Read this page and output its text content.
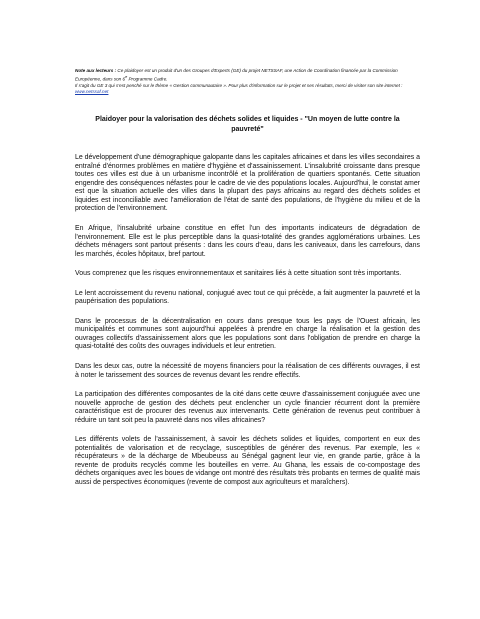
Note aux lecteurs : Ce plaidoyer est un produit d'un des Groupes d'Experts (GE) du projet NETSSAF, une Action de Coordination financée par la Commission Européenne, dans son 6e Programme Cadre.
Il s'agit du GE 3 qui s'est penché sur le thème « Gestion communautaire ». Pour plus d'information sur le projet et ses résultats, merci de visiter son site internet : www.netssaf.net
Plaidoyer pour la valorisation des déchets solides et liquides - "Un moyen de lutte contre la pauvreté"

Le développement d'une démographique galopante dans les capitales africaines et dans les villes secondaires a entraîné d'énormes problèmes en matière d'hygiène et d'assainissement. L'insalubrité croissante dans presque toutes ces villes est due à un urbanisme incontrôlé et la prolifération de quartiers spontanés. Cette situation engendre des conséquences néfastes pour le cadre de vie des populations locales. Aujourd'hui, le constat amer est que la situation actuelle des villes dans la plupart des pays africains au regard des déchets solides et liquides est inconciliable avec l'amélioration de l'état de santé des populations, de l'hygiène du milieu et de la protection de l'environnement.

En Afrique, l'insalubrité urbaine constitue en effet l'un des importants indicateurs de dégradation de l'environnement. Elle est le plus perceptible dans la quasi-totalité des grandes agglomérations urbaines. Les déchets ménagers sont partout présents : dans les cours d'eau, dans les caniveaux, dans les carrefours, dans les marchés, écoles hôpitaux, bref partout.

Vous comprenez que les risques environnementaux et sanitaires liés à cette situation sont très importants.

Le lent accroissement du revenu national, conjugué avec tout ce qui précède, a fait augmenter la pauvreté et la paupérisation des populations.

Dans le processus de la décentralisation en cours dans presque tous les pays de l'Ouest africain, les municipalités et communes sont aujourd'hui appelées à prendre en charge la réalisation et la gestion des ouvrages collectifs d'assainissement alors que les populations sont dans l'obligation de prendre en charge la quasi-totalité des coûts des ouvrages individuels et leur entretien.

Dans les deux cas, outre la nécessité de moyens financiers pour la réalisation de ces différents ouvrages, il est à noter le tarissement des sources de revenus devant les rendre effectifs.

La participation des différentes composantes de la cité dans cette œuvre d'assainissement conjuguée avec une nouvelle approche de gestion des déchets peut enclencher un cycle financier récurrent dont la première caractéristique est de procurer des revenus aux intervenants. Cette génération de revenus peut contribuer à réduire un tant soit peu la pauvreté dans nos villes africaines?

Les différents volets de l'assainissement, à savoir les déchets solides et liquides, comportent en eux des potentialités de valorisation et de recyclage, susceptibles de générer des revenus. Par exemple, les « récupérateurs » de la décharge de Mbeubeuss au Sénégal gagnent leur vie, en grande partie, grâce à la revente de produits recyclés comme les bouteilles en verre. Au Ghana, les essais de co-compostage des déchets organiques avec les boues de vidange ont montré des résultats très probants en termes de qualité mais aussi de perspectives économiques (revente de compost aux agriculteurs et maraîchers).
